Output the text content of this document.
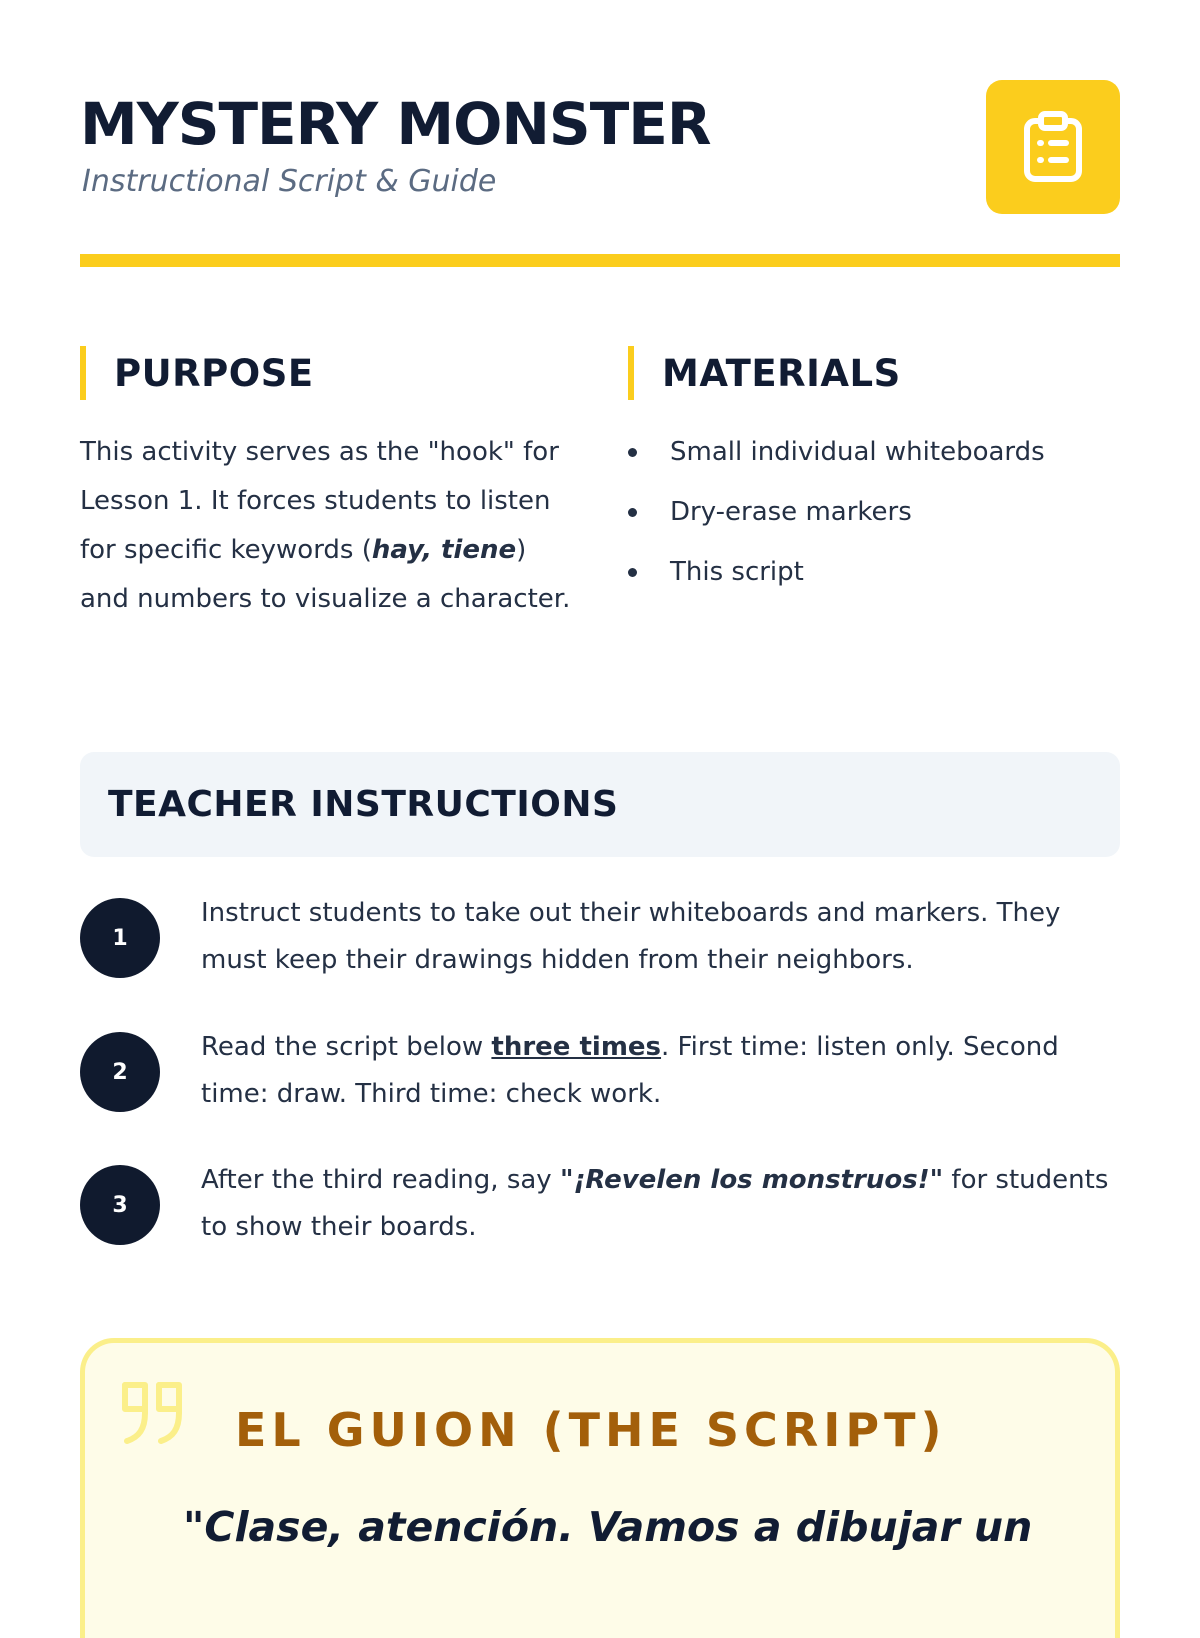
MYSTERY MONSTER
Instructional Script & Guide
PURPOSE

This activity serves as the "hook" for Lesson 1. It forces students to listen for specific keywords (hay, tiene) and numbers to visualize a character.

MATERIALS
Small individual whiteboards
Dry-erase markers
This script
TEACHER INSTRUCTIONS
1

Instruct students to take out their whiteboards and markers. They must keep their drawings hidden from their neighbors.

2

Read the script below three times. First time: listen only. Second time: draw. Third time: check work.

3

After the third reading, say "¡Revelen los monstruos!" for students to show their boards.

EL GUION (THE SCRIPT)

"Clase, atención. Vamos a dibujar un
